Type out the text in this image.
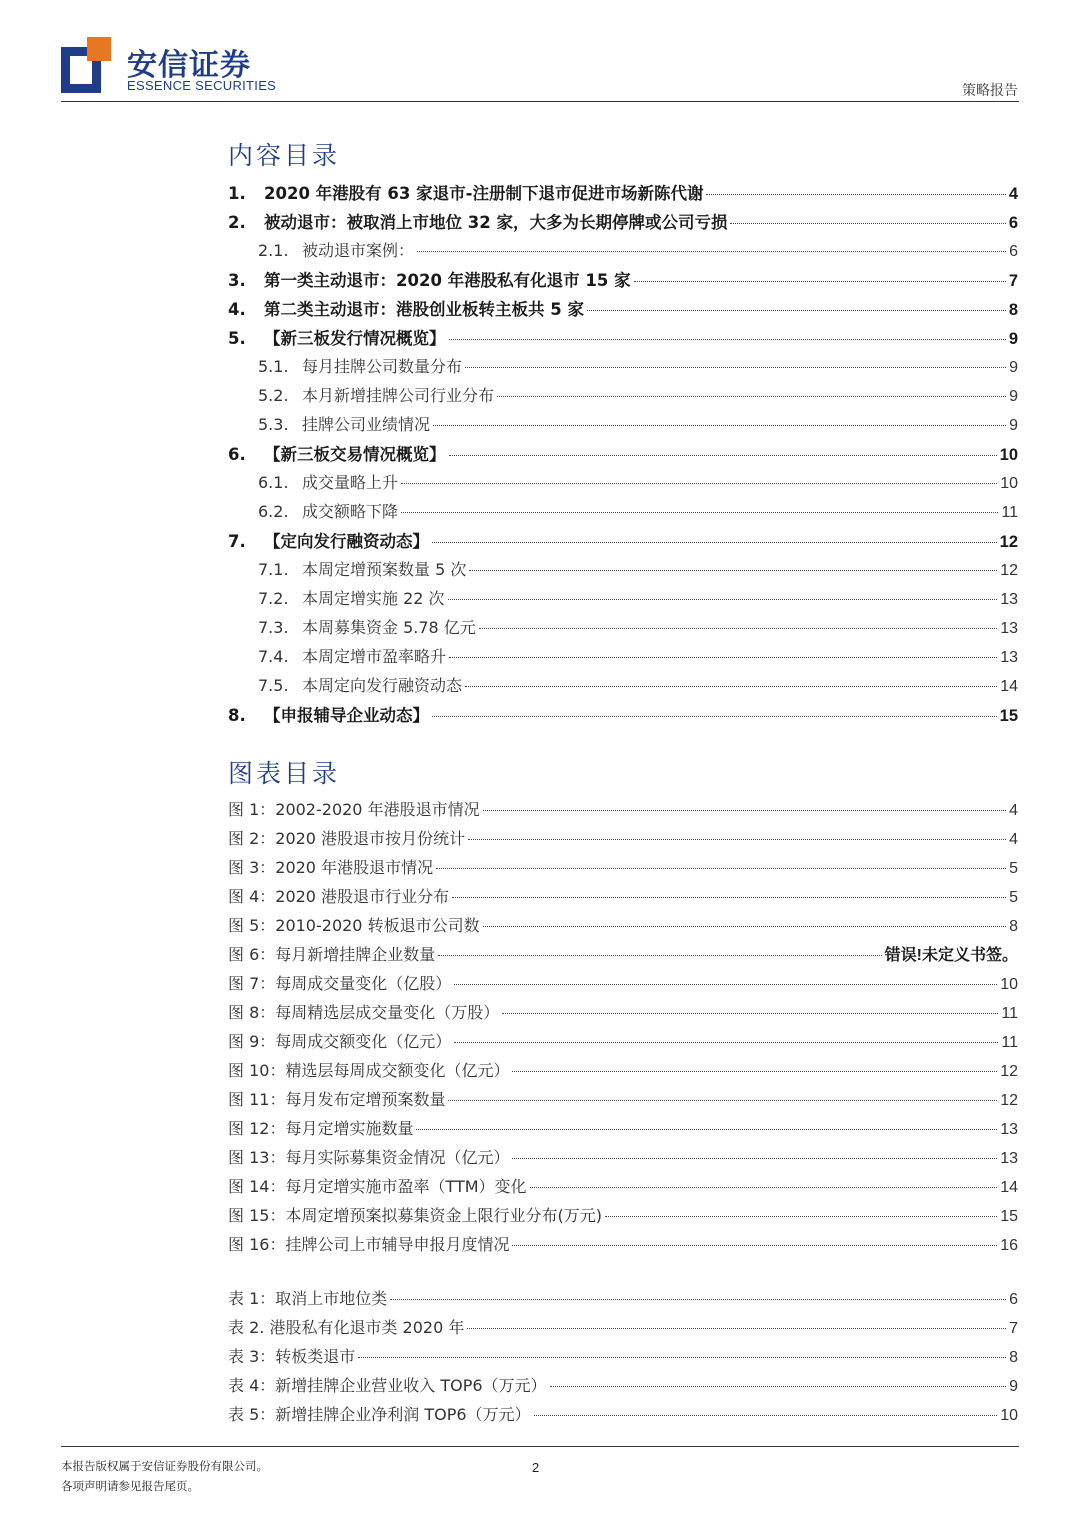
安信证券
ESSENCE SECURITIES	策略报告
内容目录
1.	2020 年港股有 63 家退市-注册制下退市促进市场新陈代谢	4
2.	被动退市：被取消上市地位 32 家，大多为长期停牌或公司亏损	6
2.1. 被动退市案例：	6
3.	第一类主动退市：2020 年港股私有化退市 15 家	7
4.	第二类主动退市：港股创业板转主板共 5 家	8
5.	【新三板发行情况概览】	9
5.1. 每月挂牌公司数量分布	9
5.2. 本月新增挂牌公司行业分布	9
5.3. 挂牌公司业绩情况	9
6.	【新三板交易情况概览】	10
6.1. 成交量略上升	10
6.2. 成交额略下降	11
7.	【定向发行融资动态】	12
7.1. 本周定增预案数量 5 次	12
7.2. 本周定增实施 22 次	13
7.3. 本周募集资金 5.78 亿元	13
7.4. 本周定增市盈率略升	13
7.5. 本周定向发行融资动态	14
8.	【申报辅导企业动态】	15
图表目录
图 1：2002-2020 年港股退市情况	4
图 2：2020 港股退市按月份统计	4
图 3：2020 年港股退市情况	5
图 4：2020 港股退市行业分布	5
图 5：2010-2020 转板退市公司数	8
图 6：每月新增挂牌企业数量	错误!未定义书签。
图 7：每周成交量变化（亿股）	10
图 8：每周精选层成交量变化（万股）	11
图 9：每周成交额变化（亿元）	11
图 10：精选层每周成交额变化（亿元）	12
图 11：每月发布定增预案数量	12
图 12：每月定增实施数量	13
图 13：每月实际募集资金情况（亿元）	13
图 14：每月定增实施市盈率（TTM）变化	14
图 15：本周定增预案拟募集资金上限行业分布(万元)	15
图 16：挂牌公司上市辅导申报月度情况	16
表 1：取消上市地位类	6
表 2. 港股私有化退市类 2020 年	7
表 3：转板类退市	8
表 4：新增挂牌企业营业收入 TOP6（万元）	9
表 5：新增挂牌企业净利润 TOP6（万元）	10
本报告版权属于安信证券股份有限公司。
各项声明请参见报告尾页。
2
